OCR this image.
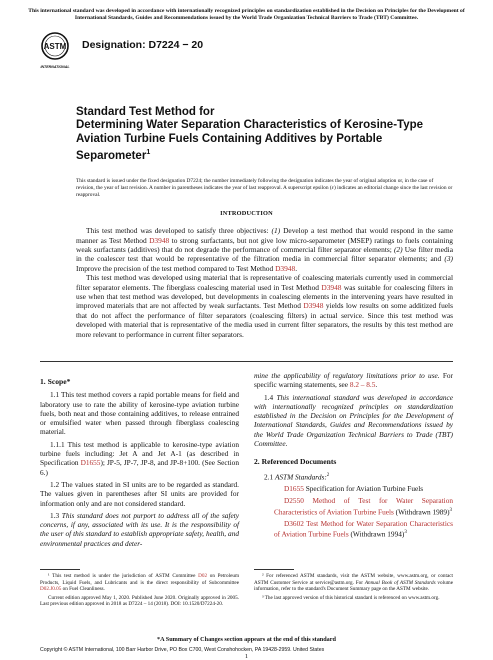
This international standard was developed in accordance with internationally recognized principles on standardization established in the Decision on Principles for the Development of International Standards, Guides and Recommendations issued by the World Trade Organization Technical Barriers to Trade (TBT) Committee.
ASTM
INTERNATIONAL
Designation: D7224 − 20
Standard Test Method for
Determining Water Separation Characteristics of Kerosine-Type Aviation Turbine Fuels Containing Additives by Portable Separometer$^1$
This standard is issued under the fixed designation D7224; the number immediately following the designation indicates the year of original adoption or, in the case of revision, the year of last revision. A number in parentheses indicates the year of last reapproval. A superscript epsilon (ε) indicates an editorial change since the last revision or reapproval.
INTRODUCTION

This test method was developed to satisfy three objectives: (1) Develop a test method that would respond in the same manner as Test Method D3948 to strong surfactants, but not give low micro-separometer (MSEP) ratings to fuels containing weak surfactants (additives) that do not degrade the performance of commercial filter separator elements; (2) Use filter media in the coalescer test that would be representative of the filtration media in commercial filter separator elements; and (3) Improve the precision of the test method compared to Test Method D3948.

This test method was developed using material that is representative of coalescing materials currently used in commercial filter separator elements. The fiberglass coalescing material used in Test Method D3948 was suitable for coalescing filters in use when that test method was developed, but developments in coalescing elements in the intervening years have resulted in improved materials that are not affected by weak surfactants. Test Method D3948 yields low results on some additized fuels that do not affect the performance of filter separators (coalescing filters) in actual service. Since this test method was developed with material that is representative of the media used in current filter separators, the results by this test method are more relevant to performance in current filter separators.

1. Scope*

1.1 This test method covers a rapid portable means for field and laboratory use to rate the ability of kerosine-type aviation turbine fuels, both neat and those containing additives, to release entrained or emulsified water when passed through fiberglass coalescing material.

1.1.1 This test method is applicable to kerosine-type aviation turbine fuels including: Jet A and Jet A-1 (as described in Specification D1655); JP-5, JP-7, JP-8, and JP-8+100. (See Section 6.)

1.2 The values stated in SI units are to be regarded as standard. The values given in parentheses after SI units are provided for information only and are not considered standard.

1.3 This standard does not purport to address all of the safety concerns, if any, associated with its use. It is the responsibility of the user of this standard to establish appropriate safety, health, and environmental practices and deter-

mine the applicability of regulatory limitations prior to use. For specific warning statements, see 8.2 – 8.5.

1.4 This international standard was developed in accordance with internationally recognized principles on standardization established in the Decision on Principles for the Development of International Standards, Guides and Recommendations issued by the World Trade Organization Technical Barriers to Trade (TBT) Committee.

2. Referenced Documents

2.1 ASTM Standards:$^2$

D1655 Specification for Aviation Turbine Fuels

D2550 Method of Test for Water Separation Characteristics of Aviation Turbine Fuels (Withdrawn 1989)$^3$

D3602 Test Method for Water Separation Characteristics of Aviation Turbine Fuels (Withdrawn 1994)$^3$

¹ This test method is under the jurisdiction of ASTM Committee D02 on Petroleum Products, Liquid Fuels, and Lubricants and is the direct responsibility of Subcommittee D02.J0.05 on Fuel Cleanliness.

Current edition approved May 1, 2020. Published June 2020. Originally approved in 2005. Last previous edition approved in 2018 as D7224 – 14 (2018). DOI: 10.1520/D7224-20.

² For referenced ASTM standards, visit the ASTM website, www.astm.org, or contact ASTM Customer Service at service@astm.org. For Annual Book of ASTM Standards volume information, refer to the standard's Document Summary page on the ASTM website.

³ The last approved version of this historical standard is referenced on www.astm.org.

*A Summary of Changes section appears at the end of this standard
Copyright © ASTM International, 100 Barr Harbor Drive, PO Box C700, West Conshohocken, PA 19428-2959. United States
1
